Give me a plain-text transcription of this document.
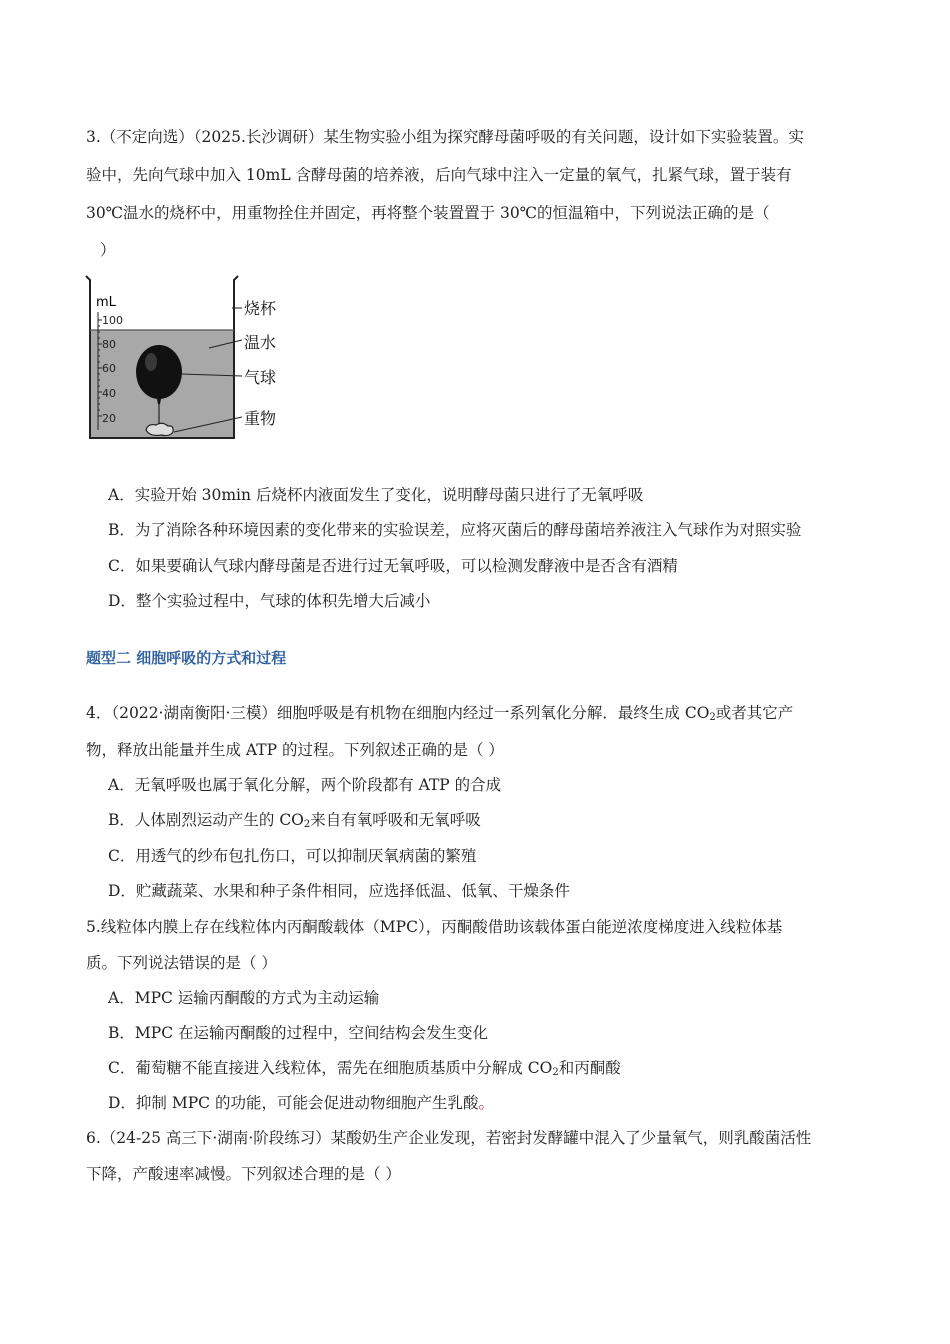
3.（不定向选）（2025.长沙调研）某生物实验小组为探究酵母菌呼吸的有关问题，设计如下实验装置。实
验中，先向气球中加入 10mL 含酵母菌的培养液，后向气球中注入一定量的氧气，扎紧气球，置于装有
30℃温水的烧杯中，用重物拴住并固定，再将整个装置置于 30℃的恒温箱中，下列说法正确的是（
）
mL
100
80
60
40
20
烧杯
温水
气球
重物
A．实验开始 30min 后烧杯内液面发生了变化，说明酵母菌只进行了无氧呼吸
B．为了消除各种环境因素的变化带来的实验误差，应将灭菌后的酵母菌培养液注入气球作为对照实验
C．如果要确认气球内酵母菌是否进行过无氧呼吸，可以检测发酵液中是否含有酒精
D．整个实验过程中，气球的体积先增大后减小
题型二 细胞呼吸的方式和过程
4．（2022·湖南衡阳·三模）细胞呼吸是有机物在细胞内经过一系列氧化分解．最终生成 $CO_2$或者其它产
物，释放出能量并生成 ATP 的过程。下列叙述正确的是（ ）
A．无氧呼吸也属于氧化分解，两个阶段都有 ATP 的合成
B．人体剧烈运动产生的 $CO_2$来自有氧呼吸和无氧呼吸
C．用透气的纱布包扎伤口，可以抑制厌氧病菌的繁殖
D．贮藏蔬菜、水果和种子条件相同，应选择低温、低氧、干燥条件
5.线粒体内膜上存在线粒体内丙酮酸载体（MPC），丙酮酸借助该载体蛋白能逆浓度梯度进入线粒体基
质。下列说法错误的是（ ）
A．MPC 运输丙酮酸的方式为主动运输
B．MPC 在运输丙酮酸的过程中，空间结构会发生变化
C．葡萄糖不能直接进入线粒体，需先在细胞质基质中分解成 $CO_2$和丙酮酸
D．抑制 MPC 的功能，可能会促进动物细胞产生乳酸。
6.（24-25 高三下·湖南·阶段练习）某酸奶生产企业发现，若密封发酵罐中混入了少量氧气，则乳酸菌活性
下降，产酸速率减慢。下列叙述合理的是（ ）
